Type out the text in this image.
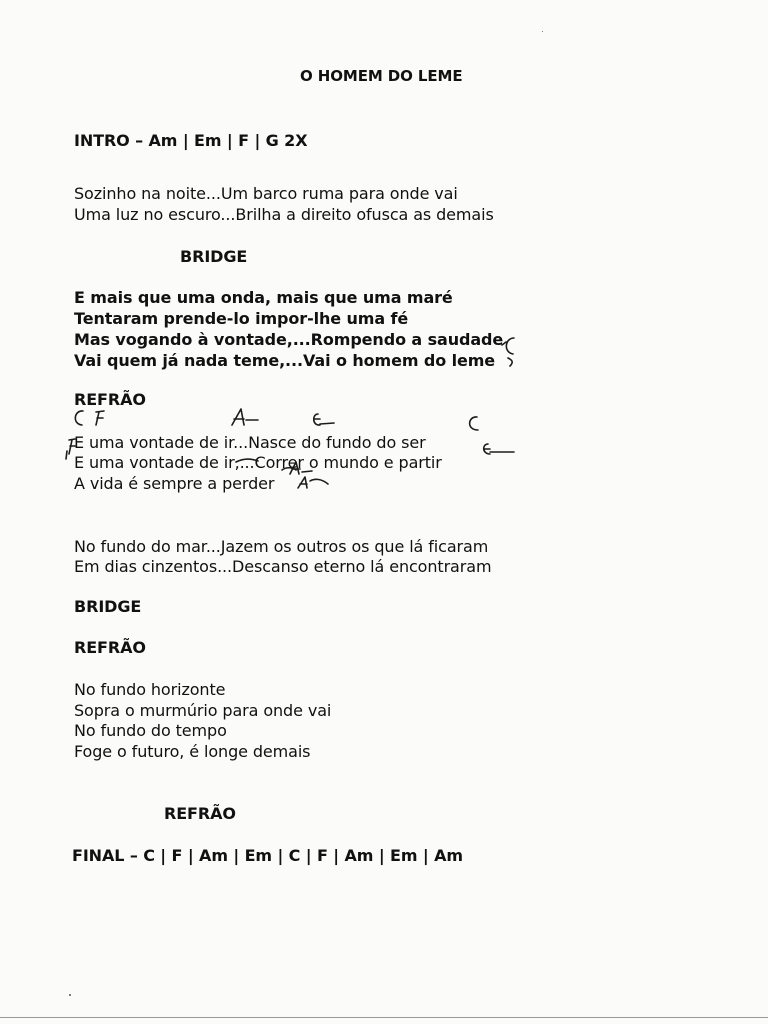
O HOMEM DO LEME
INTRO – Am | Em | F | G 2X
Sozinho na noite...Um barco ruma para onde vai
Uma luz no escuro...Brilha a direito ofusca as demais
BRIDGE
E mais que uma onda, mais que uma maré
Tentaram prende-lo impor-lhe uma fé
Mas vogando à vontade,...Rompendo a saudade
Vai quem já nada teme,...Vai o homem do leme
REFRÃO
E uma vontade de ir...Nasce do fundo do ser
E uma vontade de ir,...Correr o mundo e partir
A vida é sempre a perder
No fundo do mar...Jazem os outros os que lá ficaram
Em dias cinzentos...Descanso eterno lá encontraram
BRIDGE
REFRÃO
No fundo horizonte
Sopra o murmúrio para onde vai
No fundo do tempo
Foge o futuro, é longe demais
REFRÃO
FINAL – C | F | Am | Em | C | F | Am | Em | Am
